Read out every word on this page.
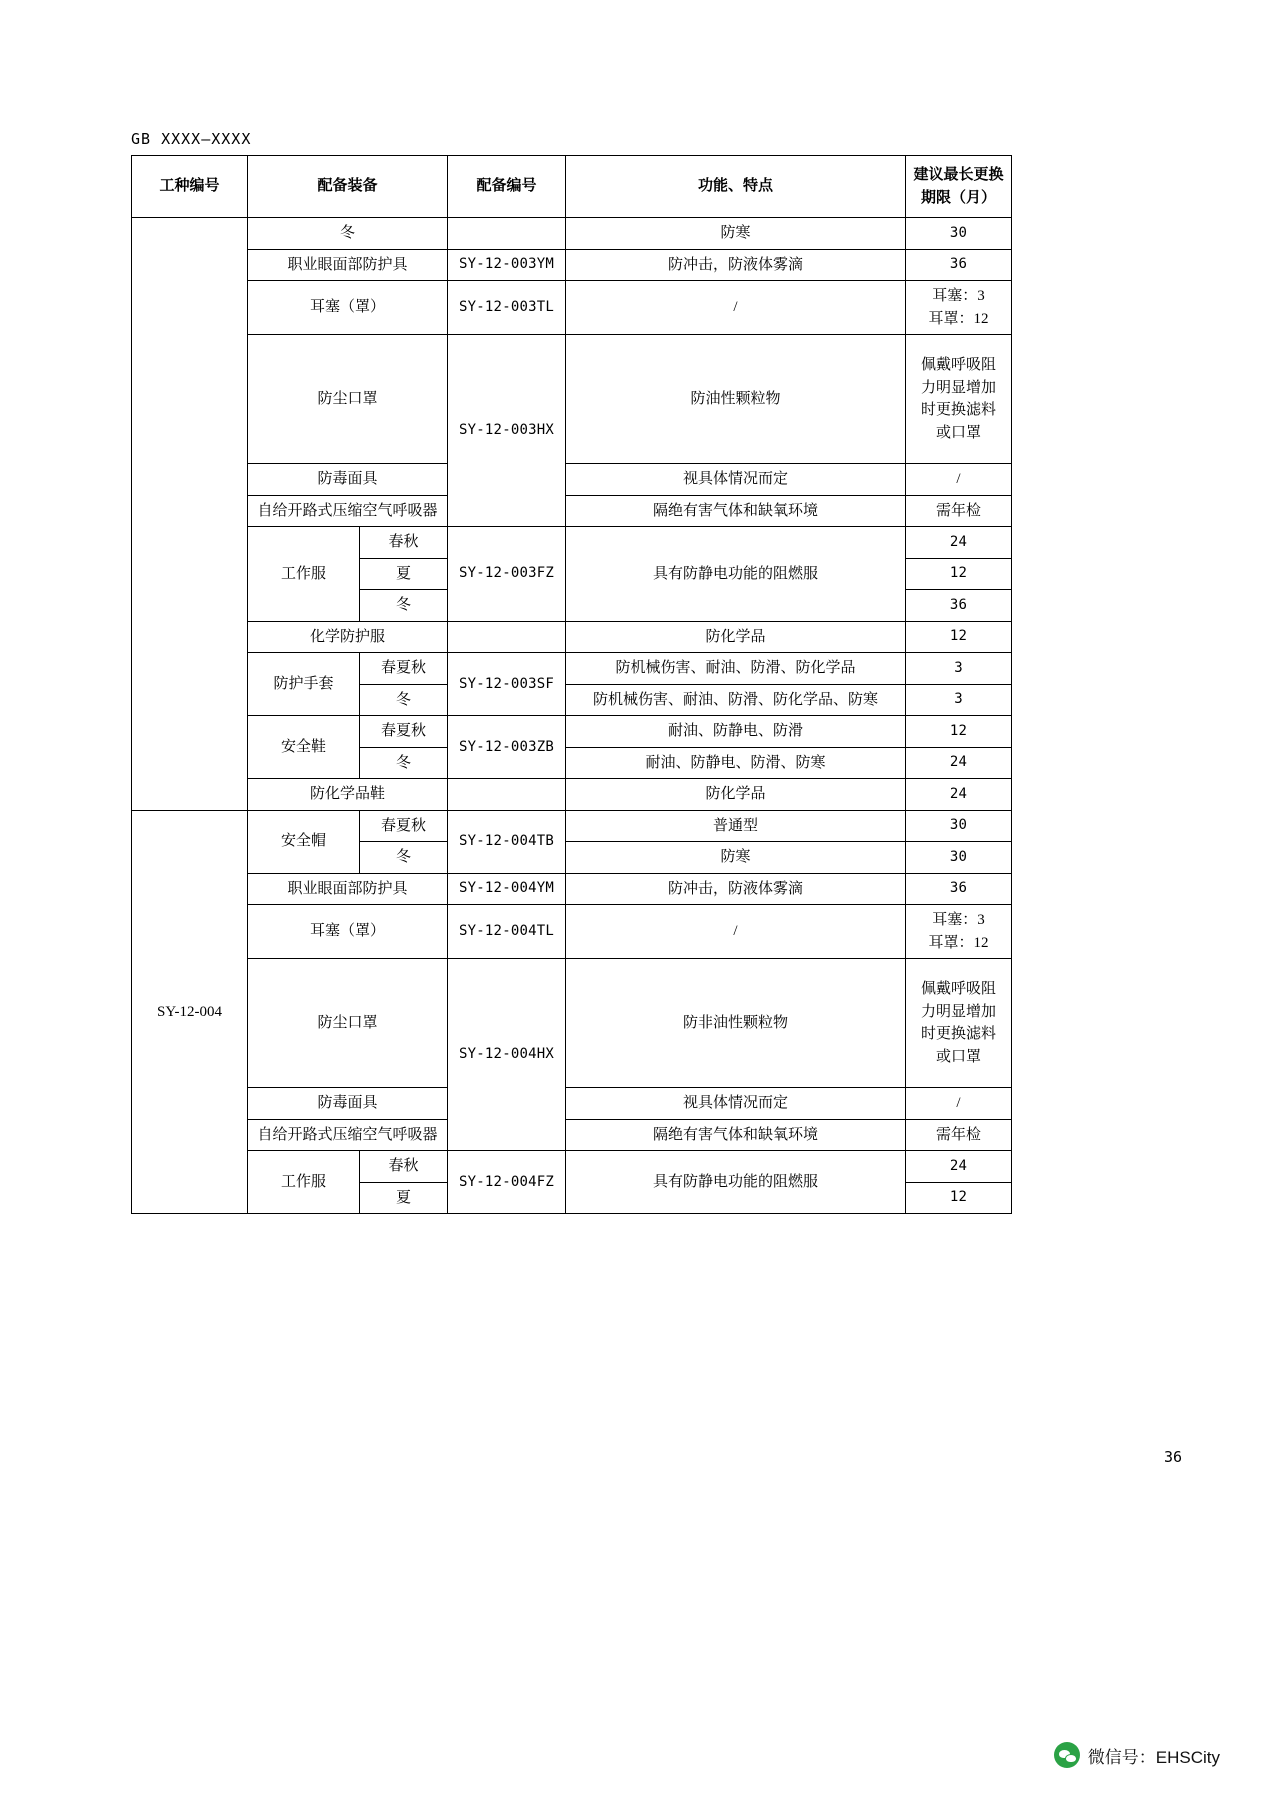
GB XXXX—XXXX
工种编号	配备装备		配备编号	功能、特点	建议最长更换期限（月）
	冬			防寒	30
	职业眼面部防护具		SY-12-003YM	防冲击，防液体雾滴	36
	耳塞（罩）		SY-12-003TL	/	耳塞：3
耳罩：12

	防尘口罩		SY-12-003HX	防油性颗粒物	佩戴呼吸阻力明显增加时更换滤料或口罩
	防毒面具			视具体情况而定	/
	自给开路式压缩空气呼吸器			隔绝有害气体和缺氧环境	需年检
	工作服	春秋	SY-12-003FZ	具有防静电功能的阻燃服	24
		夏			12
		冬			36
	化学防护服			防化学品	12
	防护手套	春夏秋	SY-12-003SF	防机械伤害、耐油、防滑、防化学品	3
		冬		防机械伤害、耐油、防滑、防化学品、防寒	3
	安全鞋	春夏秋	SY-12-003ZB	耐油、防静电、防滑	12
		冬		耐油、防静电、防滑、防寒	24
	防化学品鞋			防化学品	24
SY-12-004	安全帽	春夏秋	SY-12-004TB	普通型	30
		冬		防寒	30
	职业眼面部防护具		SY-12-004YM	防冲击，防液体雾滴	36
	耳塞（罩）		SY-12-004TL	/	耳塞：3
耳罩：12

	防尘口罩		SY-12-004HX	防非油性颗粒物	佩戴呼吸阻力明显增加时更换滤料或口罩
	防毒面具			视具体情况而定	/
	自给开路式压缩空气呼吸器			隔绝有害气体和缺氧环境	需年检
	工作服	春秋	SY-12-004FZ	具有防静电功能的阻燃服	24
		夏			12
36
微信号：EHSCity
